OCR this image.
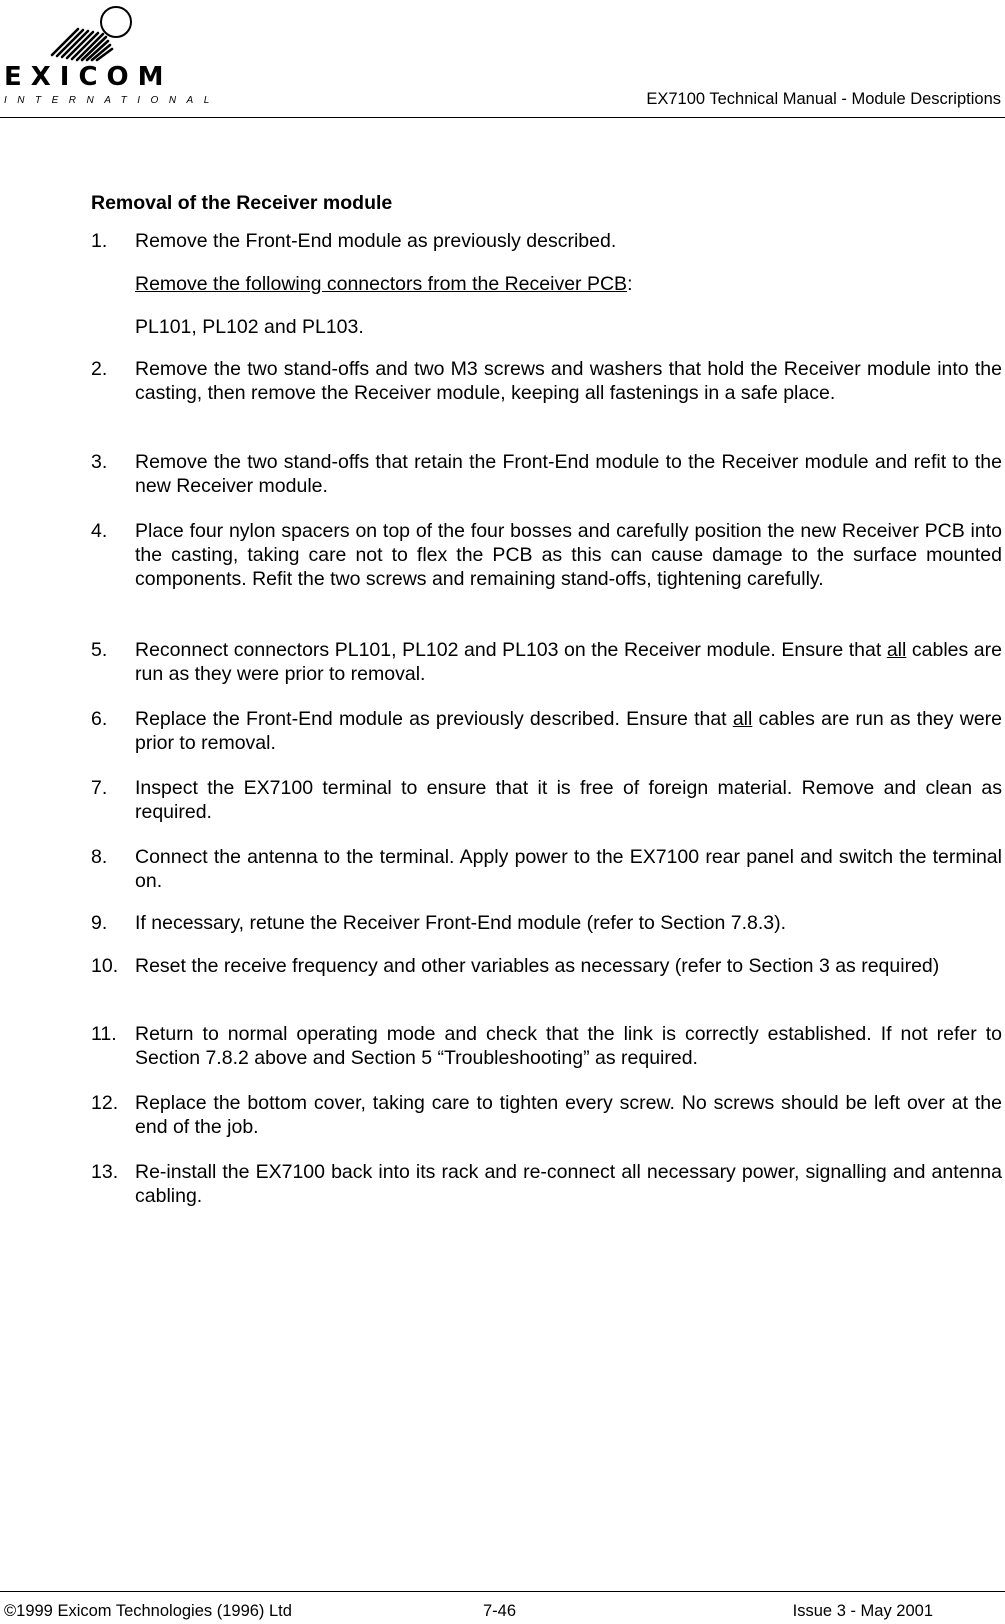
EXICOM
INTERNATIONAL	EX7100 Technical Manual - Module Descriptions
Removal of the Receiver module
1. Remove the Front-End module as previously described.
Remove the following connectors from the Receiver PCB:
PL101, PL102 and PL103.
2. Remove the two stand-offs and two M3 screws and washers that hold the Receiver module into the casting, then remove the Receiver module, keeping all fastenings in a safe place.
3. Remove the two stand-offs that retain the Front-End module to the Receiver module and refit to the new Receiver module.
4. Place four nylon spacers on top of the four bosses and carefully position the new Receiver PCB into the casting, taking care not to flex the PCB as this can cause damage to the surface mounted components. Refit the two screws and remaining stand-offs, tightening carefully.
5. Reconnect connectors PL101, PL102 and PL103 on the Receiver module. Ensure that all cables are run as they were prior to removal.
6. Replace the Front-End module as previously described. Ensure that all cables are run as they were prior to removal.
7. Inspect the EX7100 terminal to ensure that it is free of foreign material. Remove and clean as required.
8. Connect the antenna to the terminal. Apply power to the EX7100 rear panel and switch the terminal on.
9. If necessary, retune the Receiver Front-End module (refer to Section 7.8.3).
10. Reset the receive frequency and other variables as necessary (refer to Section 3 as required)
11. Return to normal operating mode and check that the link is correctly established. If not refer to Section 7.8.2 above and Section 5 “Troubleshooting” as required.
12. Replace the bottom cover, taking care to tighten every screw. No screws should be left over at the end of the job.
13. Re-install the EX7100 back into its rack and re-connect all necessary power, signalling and antenna cabling.
©1999 Exicom Technologies (1996) Ltd	7-46	Issue 3 - May 2001
